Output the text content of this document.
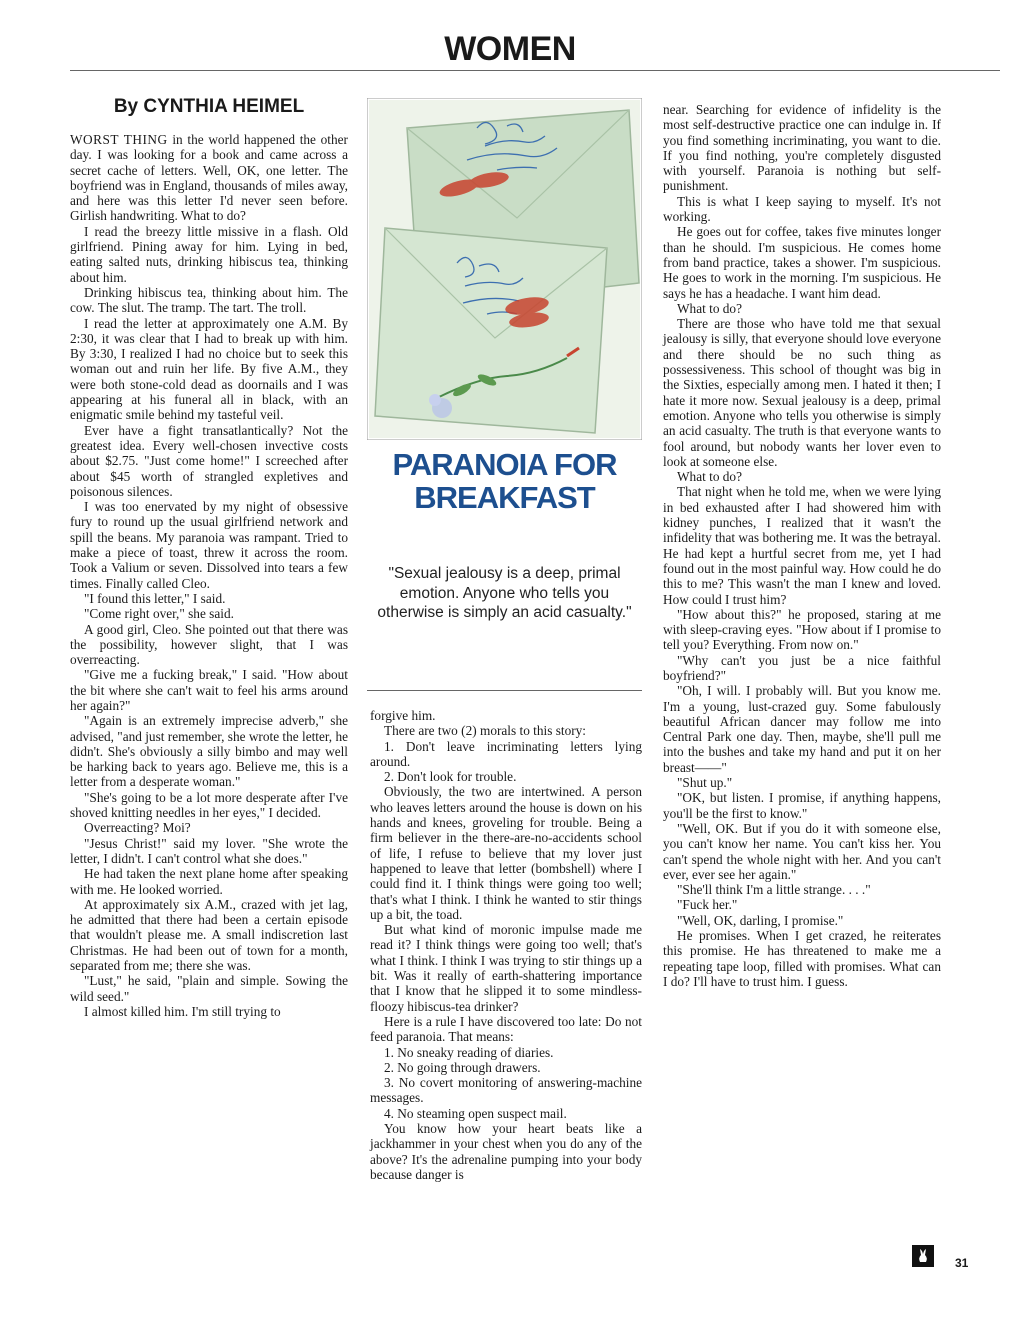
WOMEN
By CYNTHIA HEIMEL

WORST THING in the world happened the other day. I was looking for a book and came across a secret cache of letters. Well, OK, one letter. The boyfriend was in England, thousands of miles away, and here was this letter I'd never seen before. Girlish handwriting. What to do?

I read the breezy little missive in a flash. Old girlfriend. Pining away for him. Lying in bed, eating salted nuts, drinking hibiscus tea, thinking about him.

Drinking hibiscus tea, thinking about him. The cow. The slut. The tramp. The tart. The troll.

I read the letter at approximately one A.M. By 2:30, it was clear that I had to break up with him. By 3:30, I realized I had no choice but to seek this woman out and ruin her life. By five A.M., they were both stone-cold dead as doornails and I was appearing at his funeral all in black, with an enigmatic smile behind my tasteful veil.

Ever have a fight transatlantically? Not the greatest idea. Every well-chosen invective costs about $2.75. "Just come home!" I screeched after about $45 worth of strangled expletives and poisonous silences.

I was too enervated by my night of obsessive fury to round up the usual girlfriend network and spill the beans. My paranoia was rampant. Tried to make a piece of toast, threw it across the room. Took a Valium or seven. Dissolved into tears a few times. Finally called Cleo.

"I found this letter," I said.

"Come right over," she said.

A good girl, Cleo. She pointed out that there was the possibility, however slight, that I was overreacting.

"Give me a fucking break," I said. "How about the bit where she can't wait to feel his arms around her again?"

"Again is an extremely imprecise adverb," she advised, "and just remember, she wrote the letter, he didn't. She's obviously a silly bimbo and may well be harking back to years ago. Believe me, this is a letter from a desperate woman."

"She's going to be a lot more desperate after I've shoved knitting needles in her eyes," I decided.

Overreacting? Moi?

"Jesus Christ!" said my lover. "She wrote the letter, I didn't. I can't control what she does."

He had taken the next plane home after speaking with me. He looked worried.

At approximately six A.M., crazed with jet lag, he admitted that there had been a certain episode that wouldn't please me. A small indiscretion last Christmas. He had been out of town for a month, separated from me; there she was.

"Lust," he said, "plain and simple. Sowing the wild seed."

I almost killed him. I'm still trying to

PARANOIA FOR
BREAKFAST

"Sexual jealousy is a deep, primal emotion. Anyone who tells you otherwise is simply an acid casualty."

forgive him.

There are two (2) morals to this story:

1. Don't leave incriminating letters lying around.

2. Don't look for trouble.

Obviously, the two are intertwined. A person who leaves letters around the house is down on his hands and knees, groveling for trouble. Being a firm believer in the there-are-no-accidents school of life, I refuse to believe that my lover just happened to leave that letter (bombshell) where I could find it. I think things were going too well; that's what I think. I think he wanted to stir things up a bit, the toad.

But what kind of moronic impulse made me read it? I think things were going too well; that's what I think. I think I was trying to stir things up a bit. Was it really of earth-shattering importance that I know that he slipped it to some mindless-floozy hibiscus-tea drinker?

Here is a rule I have discovered too late: Do not feed paranoia. That means:

1. No sneaky reading of diaries.

2. No going through drawers.

3. No covert monitoring of answering-machine messages.

4. No steaming open suspect mail.

You know how your heart beats like a jackhammer in your chest when you do any of the above? It's the adrenaline pumping into your body because danger is

near. Searching for evidence of infidelity is the most self-destructive practice one can indulge in. If you find something incriminating, you want to die. If you find nothing, you're completely disgusted with yourself. Paranoia is nothing but self-punishment.

This is what I keep saying to myself. It's not working.

He goes out for coffee, takes five minutes longer than he should. I'm suspicious. He comes home from band practice, takes a shower. I'm suspicious. He goes to work in the morning. I'm suspicious. He says he has a headache. I want him dead.

What to do?

There are those who have told me that sexual jealousy is silly, that everyone should love everyone and there should be no such thing as possessiveness. This school of thought was big in the Sixties, especially among men. I hated it then; I hate it more now. Sexual jealousy is a deep, primal emotion. Anyone who tells you otherwise is simply an acid casualty. The truth is that everyone wants to fool around, but nobody wants her lover even to look at someone else.

What to do?

That night when he told me, when we were lying in bed exhausted after I had showered him with kidney punches, I realized that it wasn't the infidelity that was bothering me. It was the betrayal. He had kept a hurtful secret from me, yet I had found out in the most painful way. How could he do this to me? This wasn't the man I knew and loved. How could I trust him?

"How about this?" he proposed, staring at me with sleep-craving eyes. "How about if I promise to tell you? Everything. From now on."

"Why can't you just be a nice faithful boyfriend?"

"Oh, I will. I probably will. But you know me. I'm a young, lust-crazed guy. Some fabulously beautiful African dancer may follow me into Central Park one day. Then, maybe, she'll pull me into the bushes and take my hand and put it on her breast——"

"Shut up."

"OK, but listen. I promise, if anything happens, you'll be the first to know."

"Well, OK. But if you do it with someone else, you can't know her name. You can't kiss her. You can't spend the whole night with her. And you can't ever, ever see her again."

"She'll think I'm a little strange. . . ."

"Fuck her."

"Well, OK, darling, I promise."

He promises. When I get crazed, he reiterates this promise. He has threatened to make me a repeating tape loop, filled with promises. What can I do? I'll have to trust him. I guess.

31
